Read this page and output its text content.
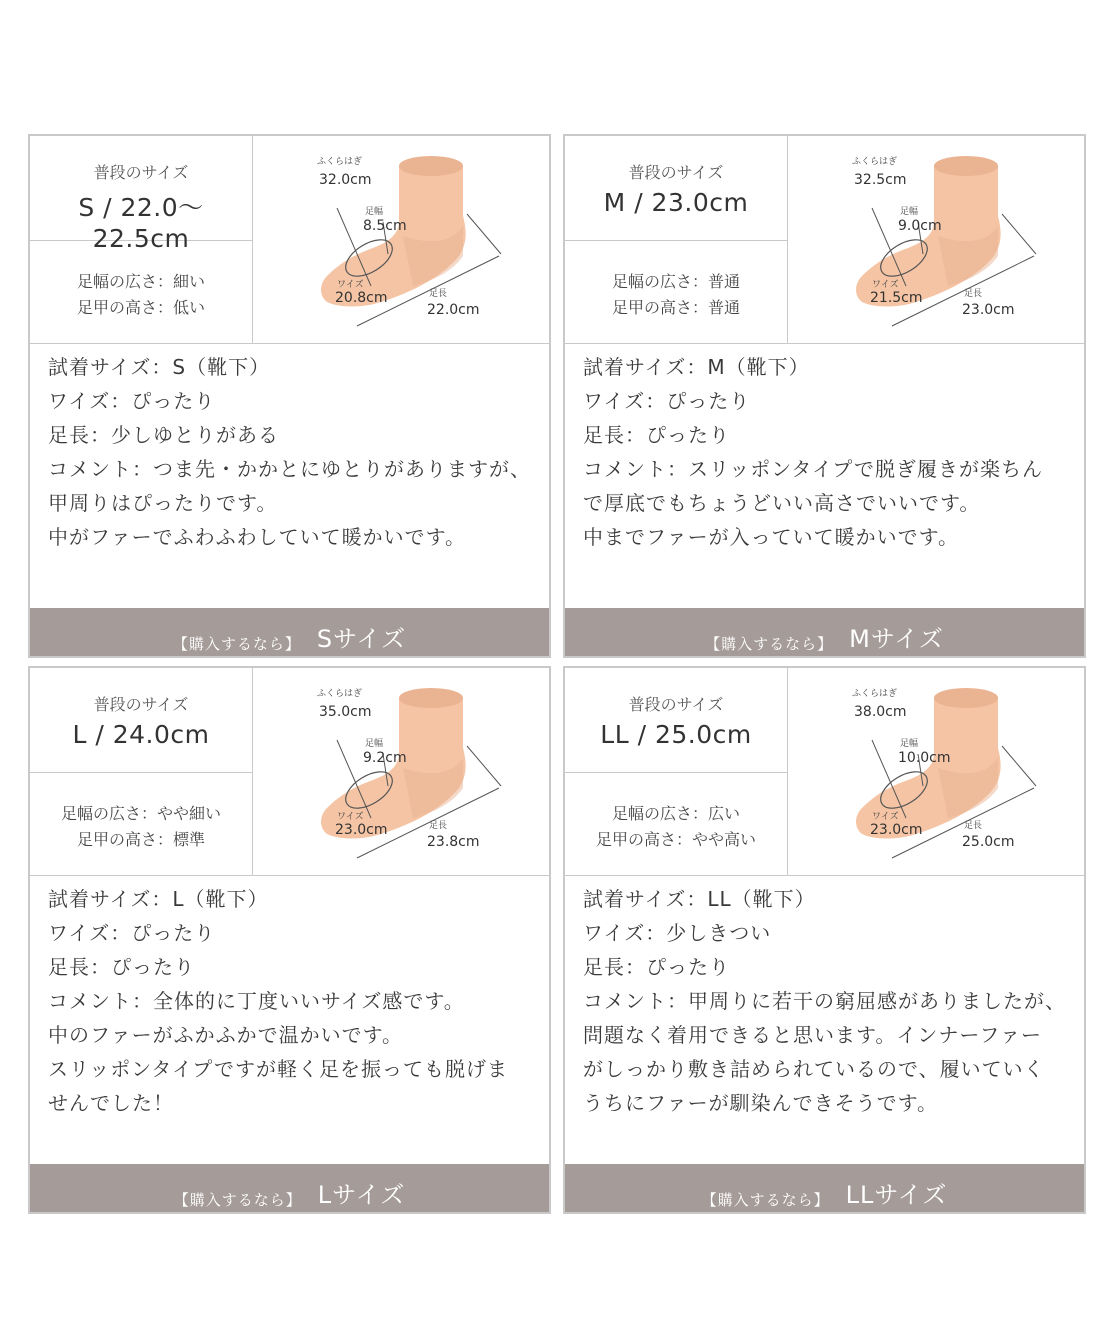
普段のサイズ
S / 22.0～22.5cm
足幅の広さ：細い
足甲の高さ：低い
ふくらはぎ
32.0cm
足幅
8.5cm
ワイズ
20.8cm	足長
22.0cm
試着サイズ：S（靴下）
ワイズ：ぴったり
足長：少しゆとりがある
コメント：つま先・かかとにゆとりがありますが、
甲周りはぴったりです。
中がファーでふわふわしていて暖かいです。
【購入するなら】 Sサイズ
普段のサイズ
M / 23.0cm
足幅の広さ：普通
足甲の高さ：普通
ふくらはぎ
32.5cm
足幅
9.0cm
ワイズ
21.5cm	足長
23.0cm
試着サイズ：M（靴下）
ワイズ：ぴったり
足長：ぴったり
コメント：スリッポンタイプで脱ぎ履きが楽ちん
で厚底でもちょうどいい高さでいいです。
中までファーが入っていて暖かいです。
【購入するなら】 Mサイズ
普段のサイズ
L / 24.0cm
足幅の広さ：やや細い
足甲の高さ：標準
ふくらはぎ
35.0cm
足幅
9.2cm
ワイズ
23.0cm	足長
23.8cm
試着サイズ：L（靴下）
ワイズ：ぴったり
足長：ぴったり
コメント：全体的に丁度いいサイズ感です。
中のファーがふかふかで温かいです。
スリッポンタイプですが軽く足を振っても脱げま
せんでした！
【購入するなら】 Lサイズ
普段のサイズ
LL / 25.0cm
足幅の広さ：広い
足甲の高さ：やや高い
ふくらはぎ
38.0cm
足幅
10.0cm
ワイズ
23.0cm	足長
25.0cm
試着サイズ：LL（靴下）
ワイズ：少しきつい
足長：ぴったり
コメント：甲周りに若干の窮屈感がありましたが、
問題なく着用できると思います。インナーファー
がしっかり敷き詰められているので、履いていく
うちにファーが馴染んできそうです。
【購入するなら】 LLサイズ
